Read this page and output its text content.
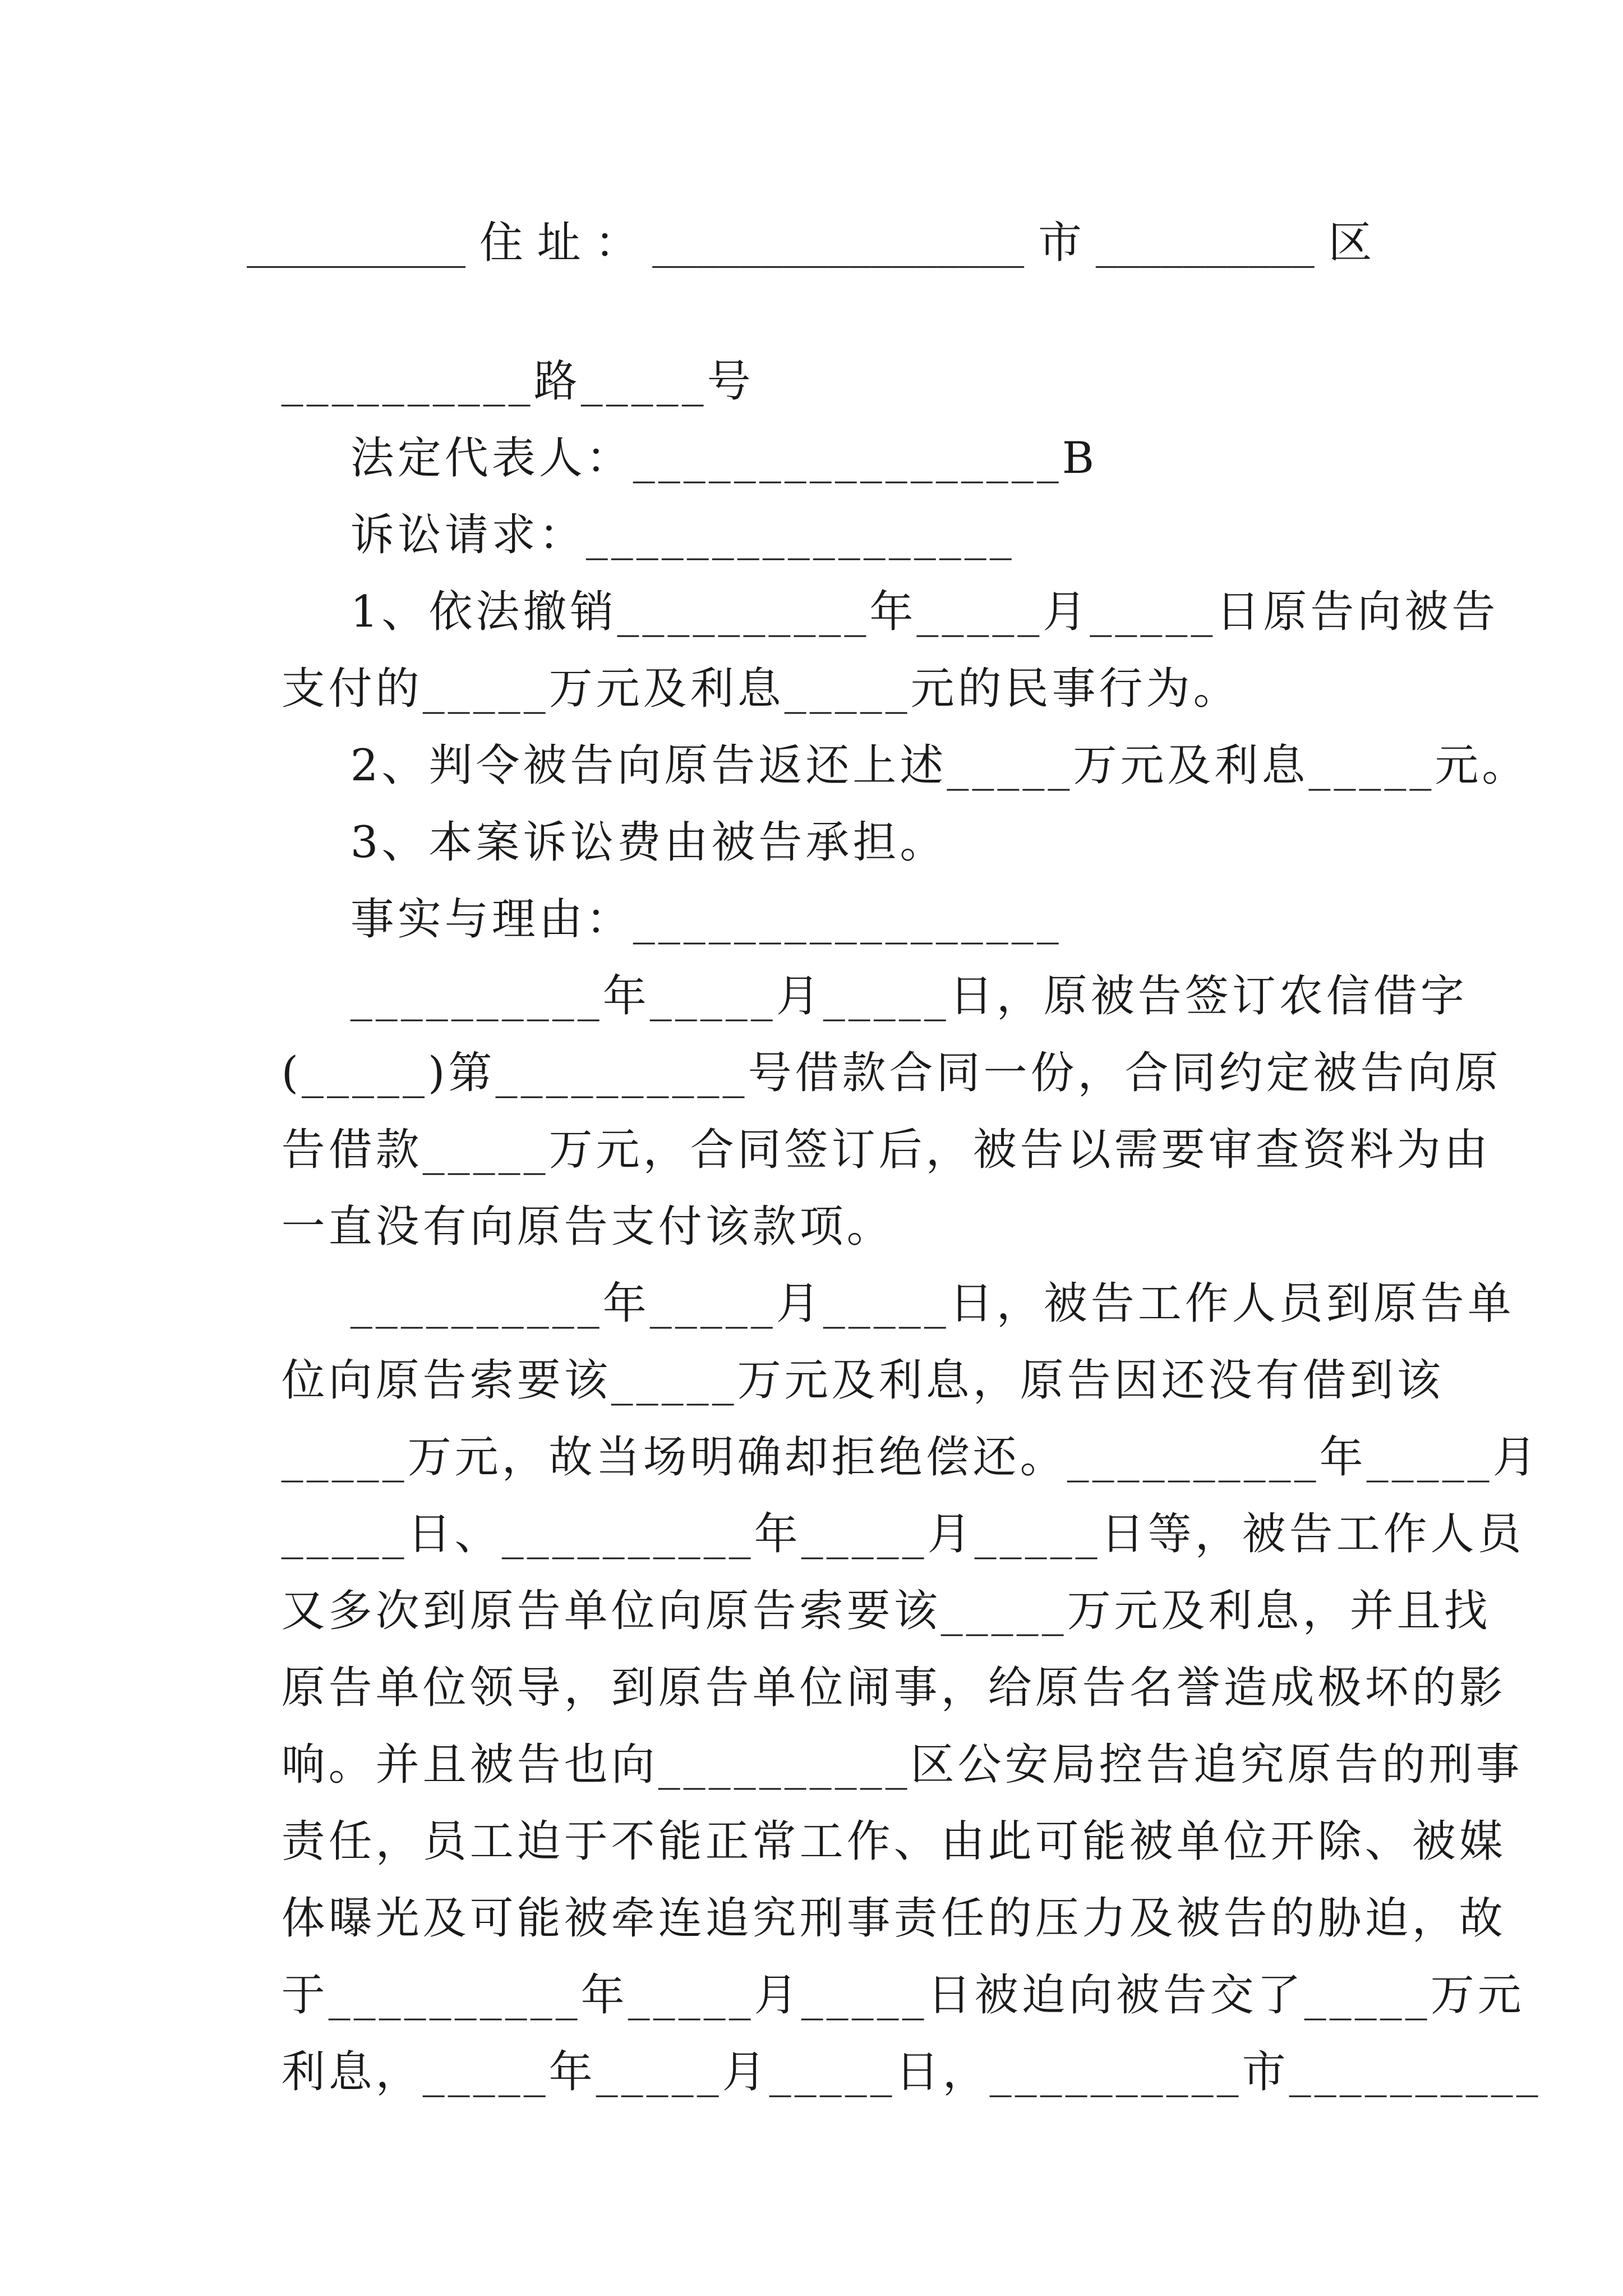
__________ 住 址 ： _________________ 市 __________ 区

__________路_____号

法定代表人：_________________B

诉讼请求：_________________

1、依法撤销__________年_____月_____日原告向被告

支付的_____万元及利息_____元的民事行为。

2、判令被告向原告返还上述_____万元及利息_____元。

3、本案诉讼费由被告承担。

事实与理由：_________________

__________年_____月_____日，原被告签订农信借字

(_____)第__________号借款合同一份，合同约定被告向原

告借款_____万元，合同签订后，被告以需要审查资料为由

一直没有向原告支付该款项。

__________年_____月_____日，被告工作人员到原告单

位向原告索要该_____万元及利息，原告因还没有借到该

_____万元，故当场明确却拒绝偿还。__________年_____月

_____日、__________年_____月_____日等，被告工作人员

又多次到原告单位向原告索要该_____万元及利息，并且找

原告单位领导，到原告单位闹事，给原告名誉造成极坏的影

响。并且被告也向__________区公安局控告追究原告的刑事

责任，员工迫于不能正常工作、由此可能被单位开除、被媒

体曝光及可能被牵连追究刑事责任的压力及被告的胁迫，故

于__________年_____月_____日被迫向被告交了_____万元

利息，_____年_____月_____日，__________市__________
